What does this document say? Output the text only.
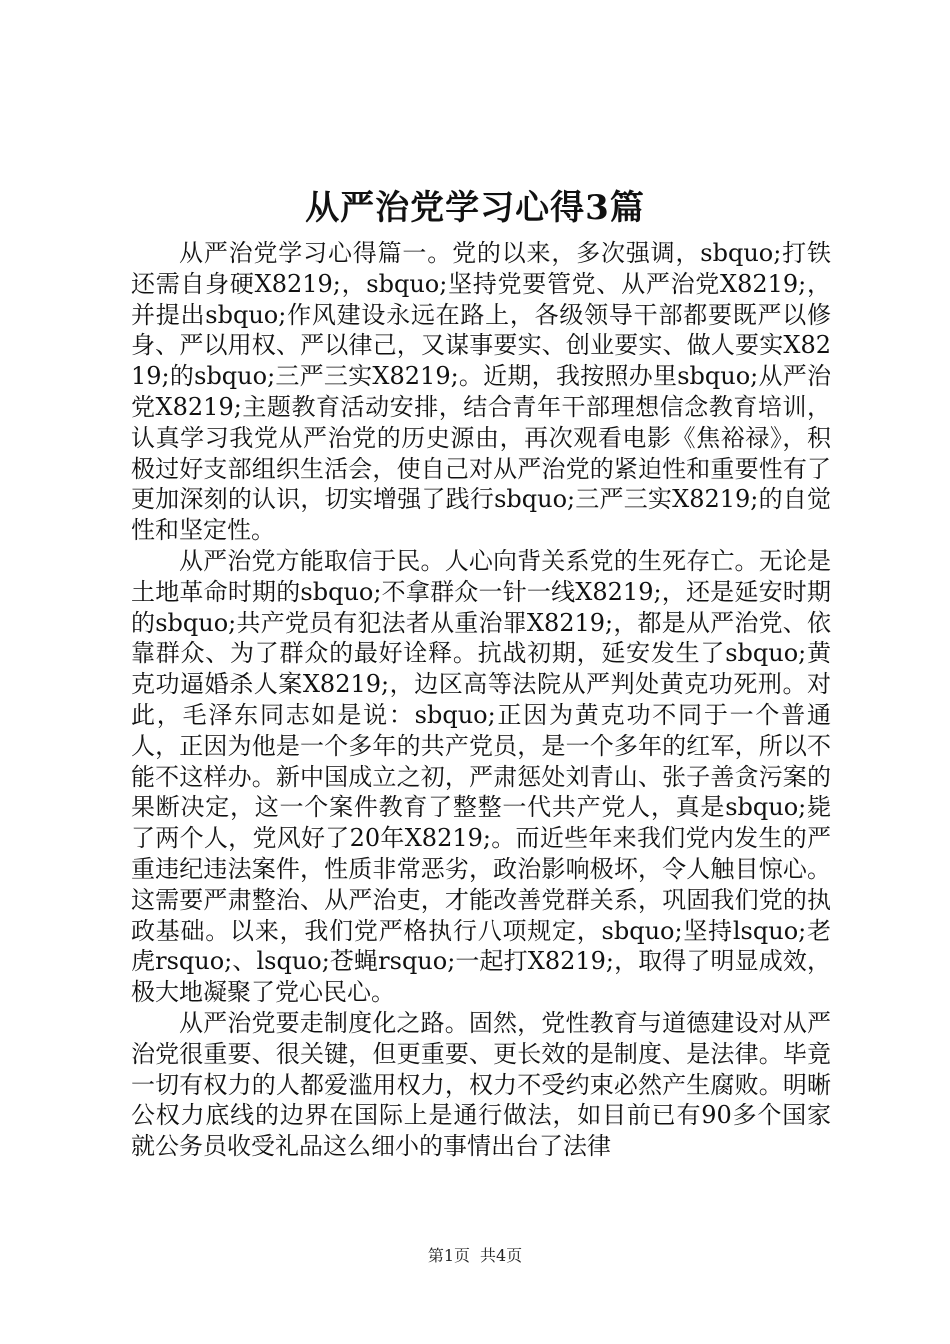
从严治党学习心得3篇

从严治党学习心得篇一。党的以来，多次强调，sbquo;打铁还需自身硬X8219;，sbquo;坚持党要管党、从严治党X8219;，并提出sbquo;作风建设永远在路上，各级领导干部都要既严以修身、严以用权、严以律己，又谋事要实、创业要实、做人要实X8219;的sbquo;三严三实X8219;。近期，我按照办里sbquo;从严治党X8219;主题教育活动安排，结合青年干部理想信念教育培训，认真学习我党从严治党的历史源由，再次观看电影《焦裕禄》，积极过好支部组织生活会，使自己对从严治党的紧迫性和重要性有了更加深刻的认识，切实增强了践行sbquo;三严三实X8219;的自觉性和坚定性。

从严治党方能取信于民。人心向背关系党的生死存亡。无论是土地革命时期的sbquo;不拿群众一针一线X8219;，还是延安时期的sbquo;共产党员有犯法者从重治罪X8219;，都是从严治党、依靠群众、为了群众的最好诠释。抗战初期，延安发生了sbquo;黄克功逼婚杀人案X8219;，边区高等法院从严判处黄克功死刑。对此，毛泽东同志如是说：sbquo;正因为黄克功不同于一个普通人，正因为他是一个多年的共产党员，是一个多年的红军，所以不能不这样办。新中国成立之初，严肃惩处刘青山、张子善贪污案的果断决定，这一个案件教育了整整一代共产党人，真是sbquo;毙了两个人，党风好了20年X8219;。而近些年来我们党内发生的严重违纪违法案件，性质非常恶劣，政治影响极坏，令人触目惊心。这需要严肃整治、从严治吏，才能改善党群关系，巩固我们党的执政基础。以来，我们党严格执行八项规定，sbquo;坚持lsquo;老虎rsquo;、lsquo;苍蝇rsquo;一起打X8219;，取得了明显成效，极大地凝聚了党心民心。

从严治党要走制度化之路。固然，党性教育与道德建设对从严治党很重要、很关键，但更重要、更长效的是制度、是法律。毕竟一切有权力的人都爱滥用权力，权力不受约束必然产生腐败。明晰公权力底线的边界在国际上是通行做法，如目前已有90多个国家就公务员收受礼品这么细小的事情出台了法律

第1页 共4页
